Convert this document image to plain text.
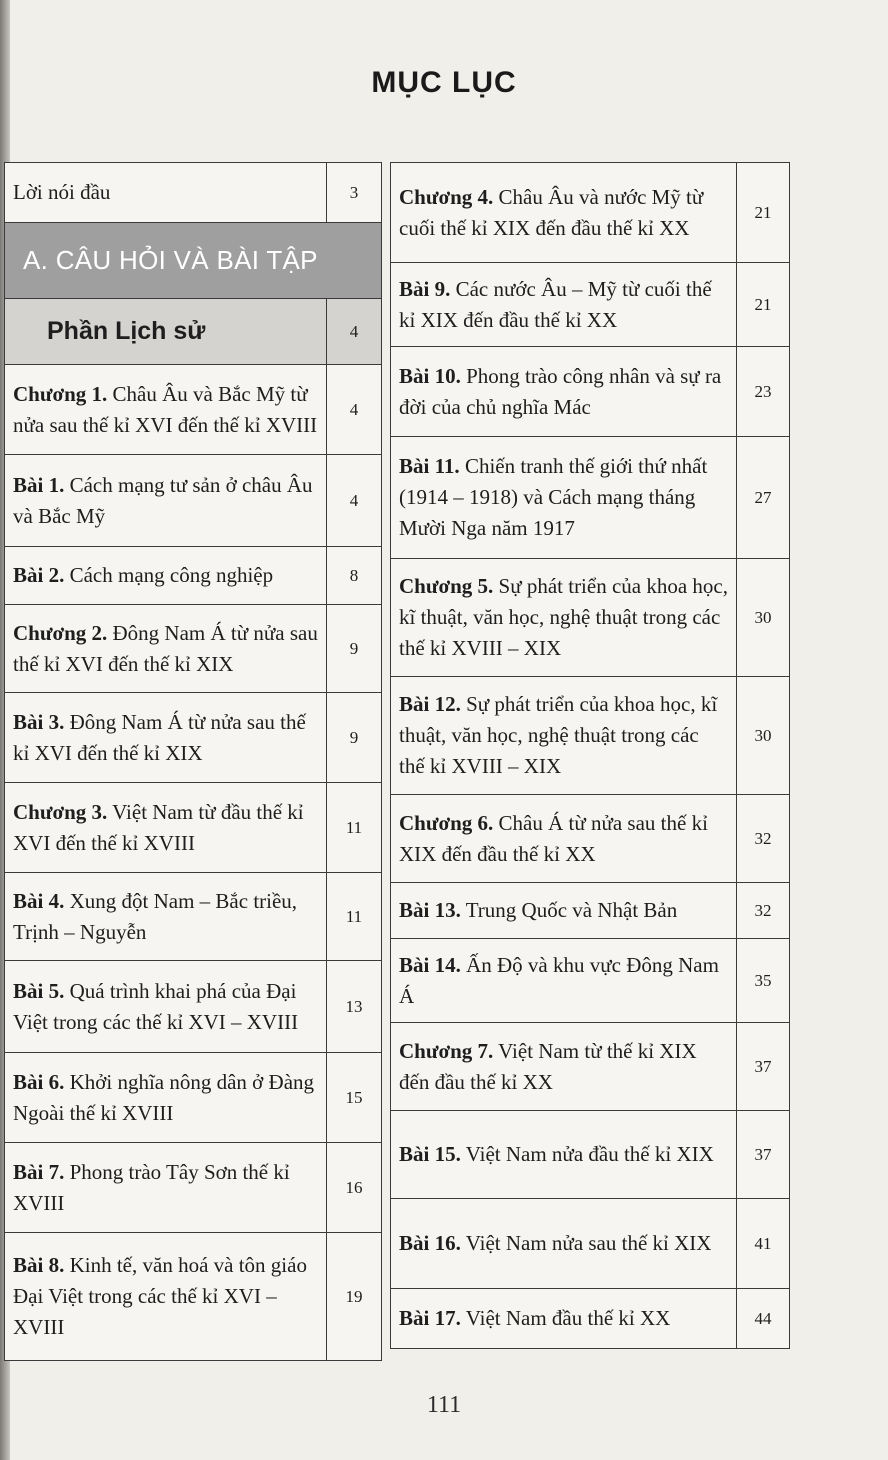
MỤC LỤC
Lời nói đầu	3
A. CÂU HỎI VÀ BÀI TẬP	
Phần Lịch sử	4
Chương 1. Châu Âu và Bắc Mỹ từ nửa sau thế kỉ XVI đến thế kỉ XVIII	4
Bài 1. Cách mạng tư sản ở châu Âu và Bắc Mỹ	4
Bài 2. Cách mạng công nghiệp	8
Chương 2. Đông Nam Á từ nửa sau thế kỉ XVI đến thế kỉ XIX	9
Bài 3. Đông Nam Á từ nửa sau thế kỉ XVI đến thế kỉ XIX	9
Chương 3. Việt Nam từ đầu thế kỉ XVI đến thế kỉ XVIII	11
Bài 4. Xung đột Nam – Bắc triều, Trịnh – Nguyễn	11
Bài 5. Quá trình khai phá của Đại Việt trong các thế kỉ XVI – XVIII	13
Bài 6. Khởi nghĩa nông dân ở Đàng Ngoài thế kỉ XVIII	15
Bài 7. Phong trào Tây Sơn thế kỉ XVIII	16
Bài 8. Kinh tế, văn hoá và tôn giáo Đại Việt trong các thế kỉ XVI – XVIII	19
Chương 4. Châu Âu và nước Mỹ từ cuối thế kỉ XIX đến đầu thế kỉ XX	21
Bài 9. Các nước Âu – Mỹ từ cuối thế kỉ XIX đến đầu thế kỉ XX	21
Bài 10. Phong trào công nhân và sự ra đời của chủ nghĩa Mác	23
Bài 11. Chiến tranh thế giới thứ nhất (1914 – 1918) và Cách mạng tháng Mười Nga năm 1917	27
Chương 5. Sự phát triển của khoa học, kĩ thuật, văn học, nghệ thuật trong các thế kỉ XVIII – XIX	30
Bài 12. Sự phát triển của khoa học, kĩ thuật, văn học, nghệ thuật trong các thế kỉ XVIII – XIX	30
Chương 6. Châu Á từ nửa sau thế kỉ XIX đến đầu thế kỉ XX	32
Bài 13. Trung Quốc và Nhật Bản	32
Bài 14. Ấn Độ và khu vực Đông Nam Á	35
Chương 7. Việt Nam từ thế kỉ XIX đến đầu thế kỉ XX	37
Bài 15. Việt Nam nửa đầu thế kỉ XIX	37
Bài 16. Việt Nam nửa sau thế kỉ XIX	41
Bài 17. Việt Nam đầu thế kỉ XX	44
111
